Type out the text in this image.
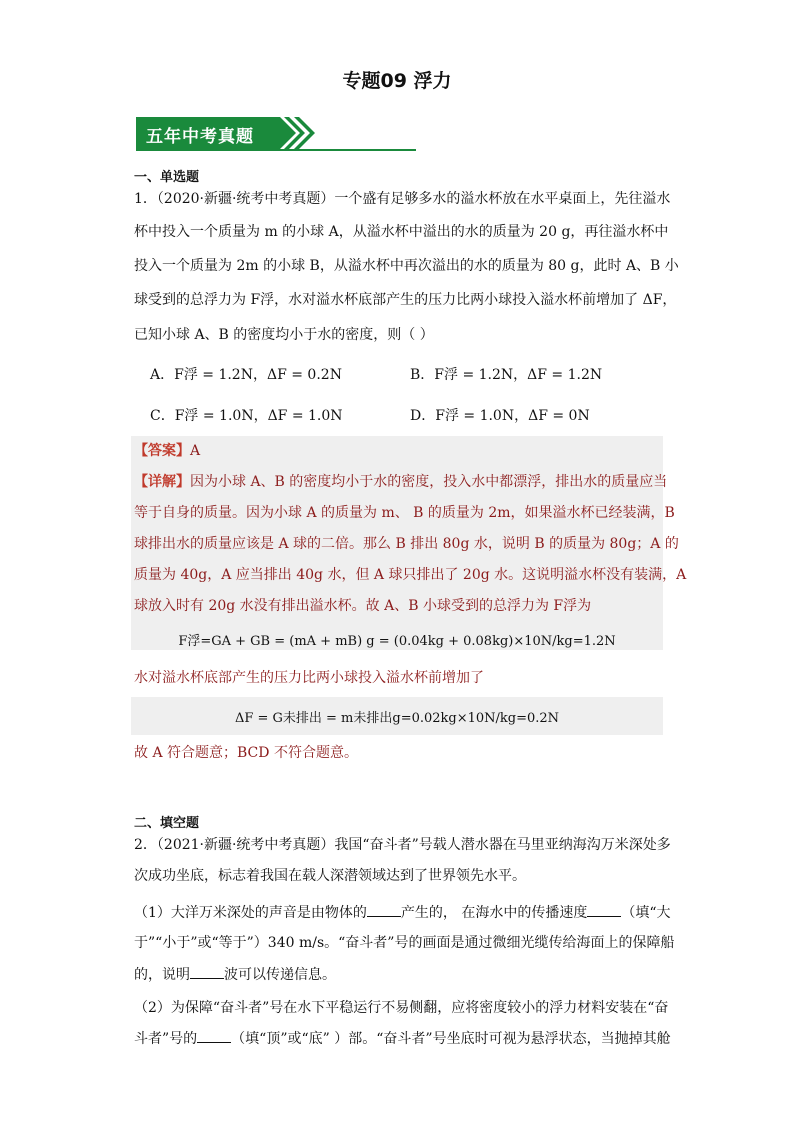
专题09 浮力
五年中考真题
一、单选题
1．（2020·新疆·统考中考真题）一个盛有足够多水的溢水杯放在水平桌面上，先往溢水
杯中投入一个质量为 m 的小球 A，从溢水杯中溢出的水的质量为 20 g，再往溢水杯中
投入一个质量为 2m 的小球 B，从溢水杯中再次溢出的水的质量为 80 g，此时 A、B 小
球受到的总浮力为 F浮，水对溢水杯底部产生的压力比两小球投入溢水杯前增加了 ΔF，
已知小球 A、B 的密度均小于水的密度，则（ ）
A．F浮 = 1.2N，ΔF = 0.2N	B．F浮 = 1.2N，ΔF = 1.2N
C．F浮 = 1.0N，ΔF = 1.0N	D．F浮 = 1.0N，ΔF = 0N
【答案】A
【详解】因为小球 A、B 的密度均小于水的密度，投入水中都漂浮，排出水的质量应当
等于自身的质量。因为小球 A 的质量为 m、 B 的质量为 2m，如果溢水杯已经装满，B
球排出水的质量应该是 A 球的二倍。那么 B 排出 80g 水，说明 B 的质量为 80g；A 的
质量为 40g，A 应当排出 40g 水，但 A 球只排出了 20g 水。这说明溢水杯没有装满，A
球放入时有 20g 水没有排出溢水杯。故 A、B 小球受到的总浮力为 F浮为
F浮=GA + GB = (mA + mB) g = (0.04kg + 0.08kg)×10N/kg=1.2N
水对溢水杯底部产生的压力比两小球投入溢水杯前增加了
ΔF = G未排出 = m未排出g=0.02kg×10N/kg=0.2N
故 A 符合题意；BCD 不符合题意。
二、填空题
2．（2021·新疆·统考中考真题）我国“奋斗者”号载人潜水器在马里亚纳海沟万米深处多
次成功坐底，标志着我国在载人深潜领域达到了世界领先水平。
（1）大洋万米深处的声音是由物体的 产生的， 在海水中的传播速度 （填“大
于”“小于”或“等于”）340 m/s。“奋斗者”号的画面是通过微细光缆传给海面上的保障船
的，说明 波可以传递信息。
（2）为保障“奋斗者”号在水下平稳运行不易侧翻，应将密度较小的浮力材料安装在“奋
斗者”号的 （填“顶”或“底” ）部。“奋斗者”号坐底时可视为悬浮状态，当抛掉其舱
